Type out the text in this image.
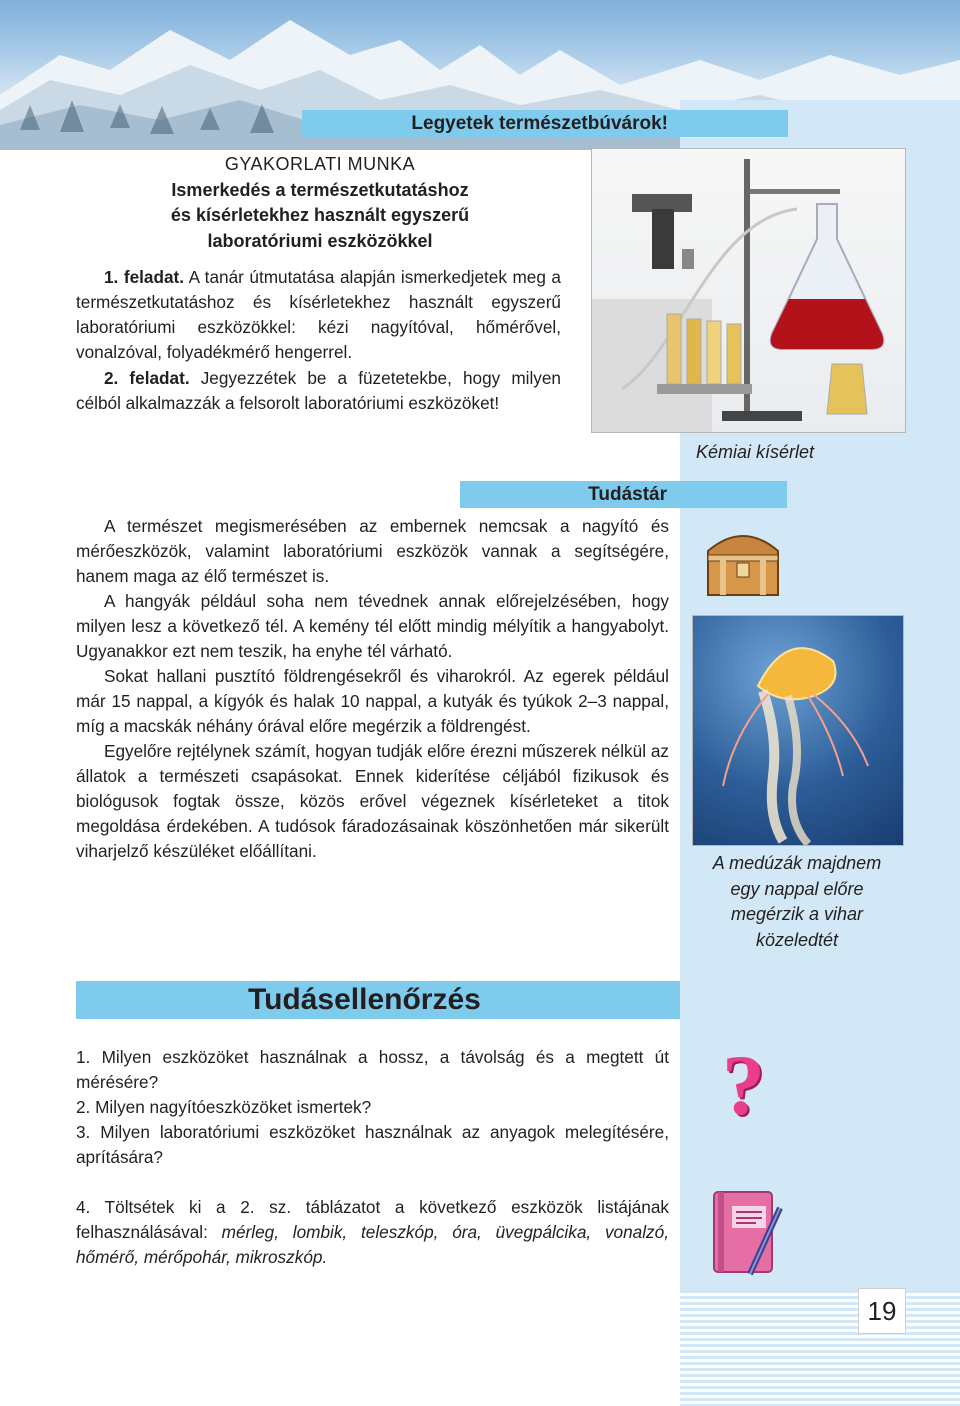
Legyetek természetbúvárok!
GYAKORLATI MUNKA
Ismerkedés a természetkutatáshoz
és kísérletekhez használt egyszerű
laboratóriumi eszközökkel

1. feladat. A tanár útmutatása alapján ismerkedjetek meg a természetkutatáshoz és kísérletekhez használt egyszerű laboratóriumi eszközökkel: kézi nagyítóval, hőmérővel, vonalzóval, folyadékmérő hengerrel.

2. feladat. Jegyezzétek be a füzetetekbe, hogy milyen célból alkalmazzák a felsorolt laboratóriumi eszközöket!

Kémiai kísérlet
Tudástár

A természet megismerésében az embernek nemcsak a nagyító és mérőeszközök, valamint laboratóriumi eszközök vannak a segítségére, hanem maga az élő természet is.

A hangyák például soha nem tévednek annak előrejelzésében, hogy milyen lesz a következő tél. A kemény tél előtt mindig mélyítik a hangyabolyt. Ugyanakkor ezt nem teszik, ha enyhe tél várható.

Sokat hallani pusztító földrengésekről és viharokról. Az egerek például már 15 nappal, a kígyók és halak 10 nappal, a kutyák és tyúkok 2–3 nappal, míg a macskák néhány órával előre megérzik a földrengést.

Egyelőre rejtélynek számít, hogyan tudják előre érezni műszerek nélkül az állatok a természeti csapásokat. Ennek kiderítése céljából fizikusok és biológusok fogtak össze, közös erővel végeznek kísérleteket a titok megoldása érdekében. A tudósok fáradozásainak köszönhetően már sikerült viharjelző készüléket előállítani.

A medúzák majdnem
egy nappal előre
megérzik a vihar
közeledtét
Tudásellenőrzés

1. Milyen eszközöket használnak a hossz, a távolság és a megtett út mérésére?

2. Milyen nagyítóeszközöket ismertek?

3. Milyen laboratóriumi eszközöket használnak az anyagok melegítésére, aprítására?

4. Töltsétek ki a 2. sz. táblázatot a következő eszközök listájának felhasználásával: mérleg, lombik, teleszkóp, óra, üvegpálcika, vonalzó, hőmérő, mérőpohár, mikroszkóp.

?
19
